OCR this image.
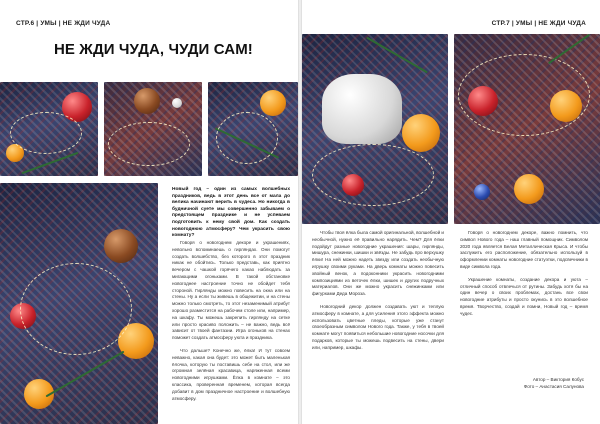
СТР.6 | УМЫ | НЕ ЖДИ ЧУДА
НЕ ЖДИ ЧУДА, ЧУДИ САМ!
Новый год – один из самых волшебных праздников, ведь в этот день все от мала до велика начинают верить в чудеса. Но никогда в будничной суете мы совершенно забываем о предстоящем празднике и не успеваем подготовить к нему свой дом. Как создать новогоднюю атмосферу? Чем украсить свою комнату?

Говоря о новогоднем декоре и украшениях, невольно вспоминаешь о гирляндах. Они помогут создать волшебство, без которого в этот праздник никак не обойтись. Только представь, как приятно вечером с чашкой горячего какао наблюдать за мигающими огоньками. В такой обстановке новогоднее настроение точно не обойдет тебя стороной. Гирлянды можно повесить на окна или на стены. Ну а если ты живешь в общежитии, и на стены можно только смотреть, то этот незаменимый атрибут хорошо разместится на рабочем столе или, например, на шкафу. Ты можешь закрепить гирлянду на сетке или просто красиво положить – не важно, ведь всё зависит от твоей фантазии. Игра огоньков на стенах поможет создать атмосферу уюта и праздника.

Что дальше? Конечно же, ёлка! И тут совсем неважно, какая она будет: это может быть маленькая ёлочка, которую ты поставишь себе на стол, или же огромная зелёная красавица, наряженная всеми новогодними игрушками. Ёлка в комнате – это классика, проверенная временем, которая всегда добавит в дом праздничное настроение и волшебную атмосферу.

СТР.7 | УМЫ | НЕ ЖДИ ЧУДА

Чтобы твоя ёлка была самой оригинальной, волшебной и необычной, нужно её правильно нарядить. Чем? Для ёлки подойдут разные новогодние украшения: шары, гирлянды, мишура, снежинки, шишки и звёзды. Не забудь про верхушку ёлки! На ней можно надеть звезду или создать необычную игрушку своими руками. На дверь комнаты можно повесить хвойный венок, а подоконники украсить новогодними композициями из веточек ёлки, шишек и других подручных материалов. Они же можно украсить снежинками или фигурками Деда Мороза.

Новогодний декор должен создавать уют и теплую атмосферу в комнате, а для усиления этого эффекта можно использовать цветные пледы, которые уже станут своеобразным символом Нового года. Также, у тебя в твоей комнате могут появиться небольшие новогодние носочки для подарков, которые ты можешь подвесить на стены, двери или, например, шкафы.

Говоря о новогоднем декоре, важно помнить, что символ Нового года – наш главный помощник. Символом 2020 года является Белая Металлическая Крыса. И чтобы заслужить его расположение, обязательно используй в оформлении комнаты новогодние статуэтки, подсвечники в виде символа года.

Украшение комнаты, создание декора и уюта – отличный способ отвлечься от рутины. Забудь хотя бы на один вечер о своих проблемах, достань все свои новогодние атрибуты и просто окунись в это волшебное время. Творчество, создай и помни, Новый год – время чудес.

Автор – Виктория Кобус
Фото – Анастасия Салунова
